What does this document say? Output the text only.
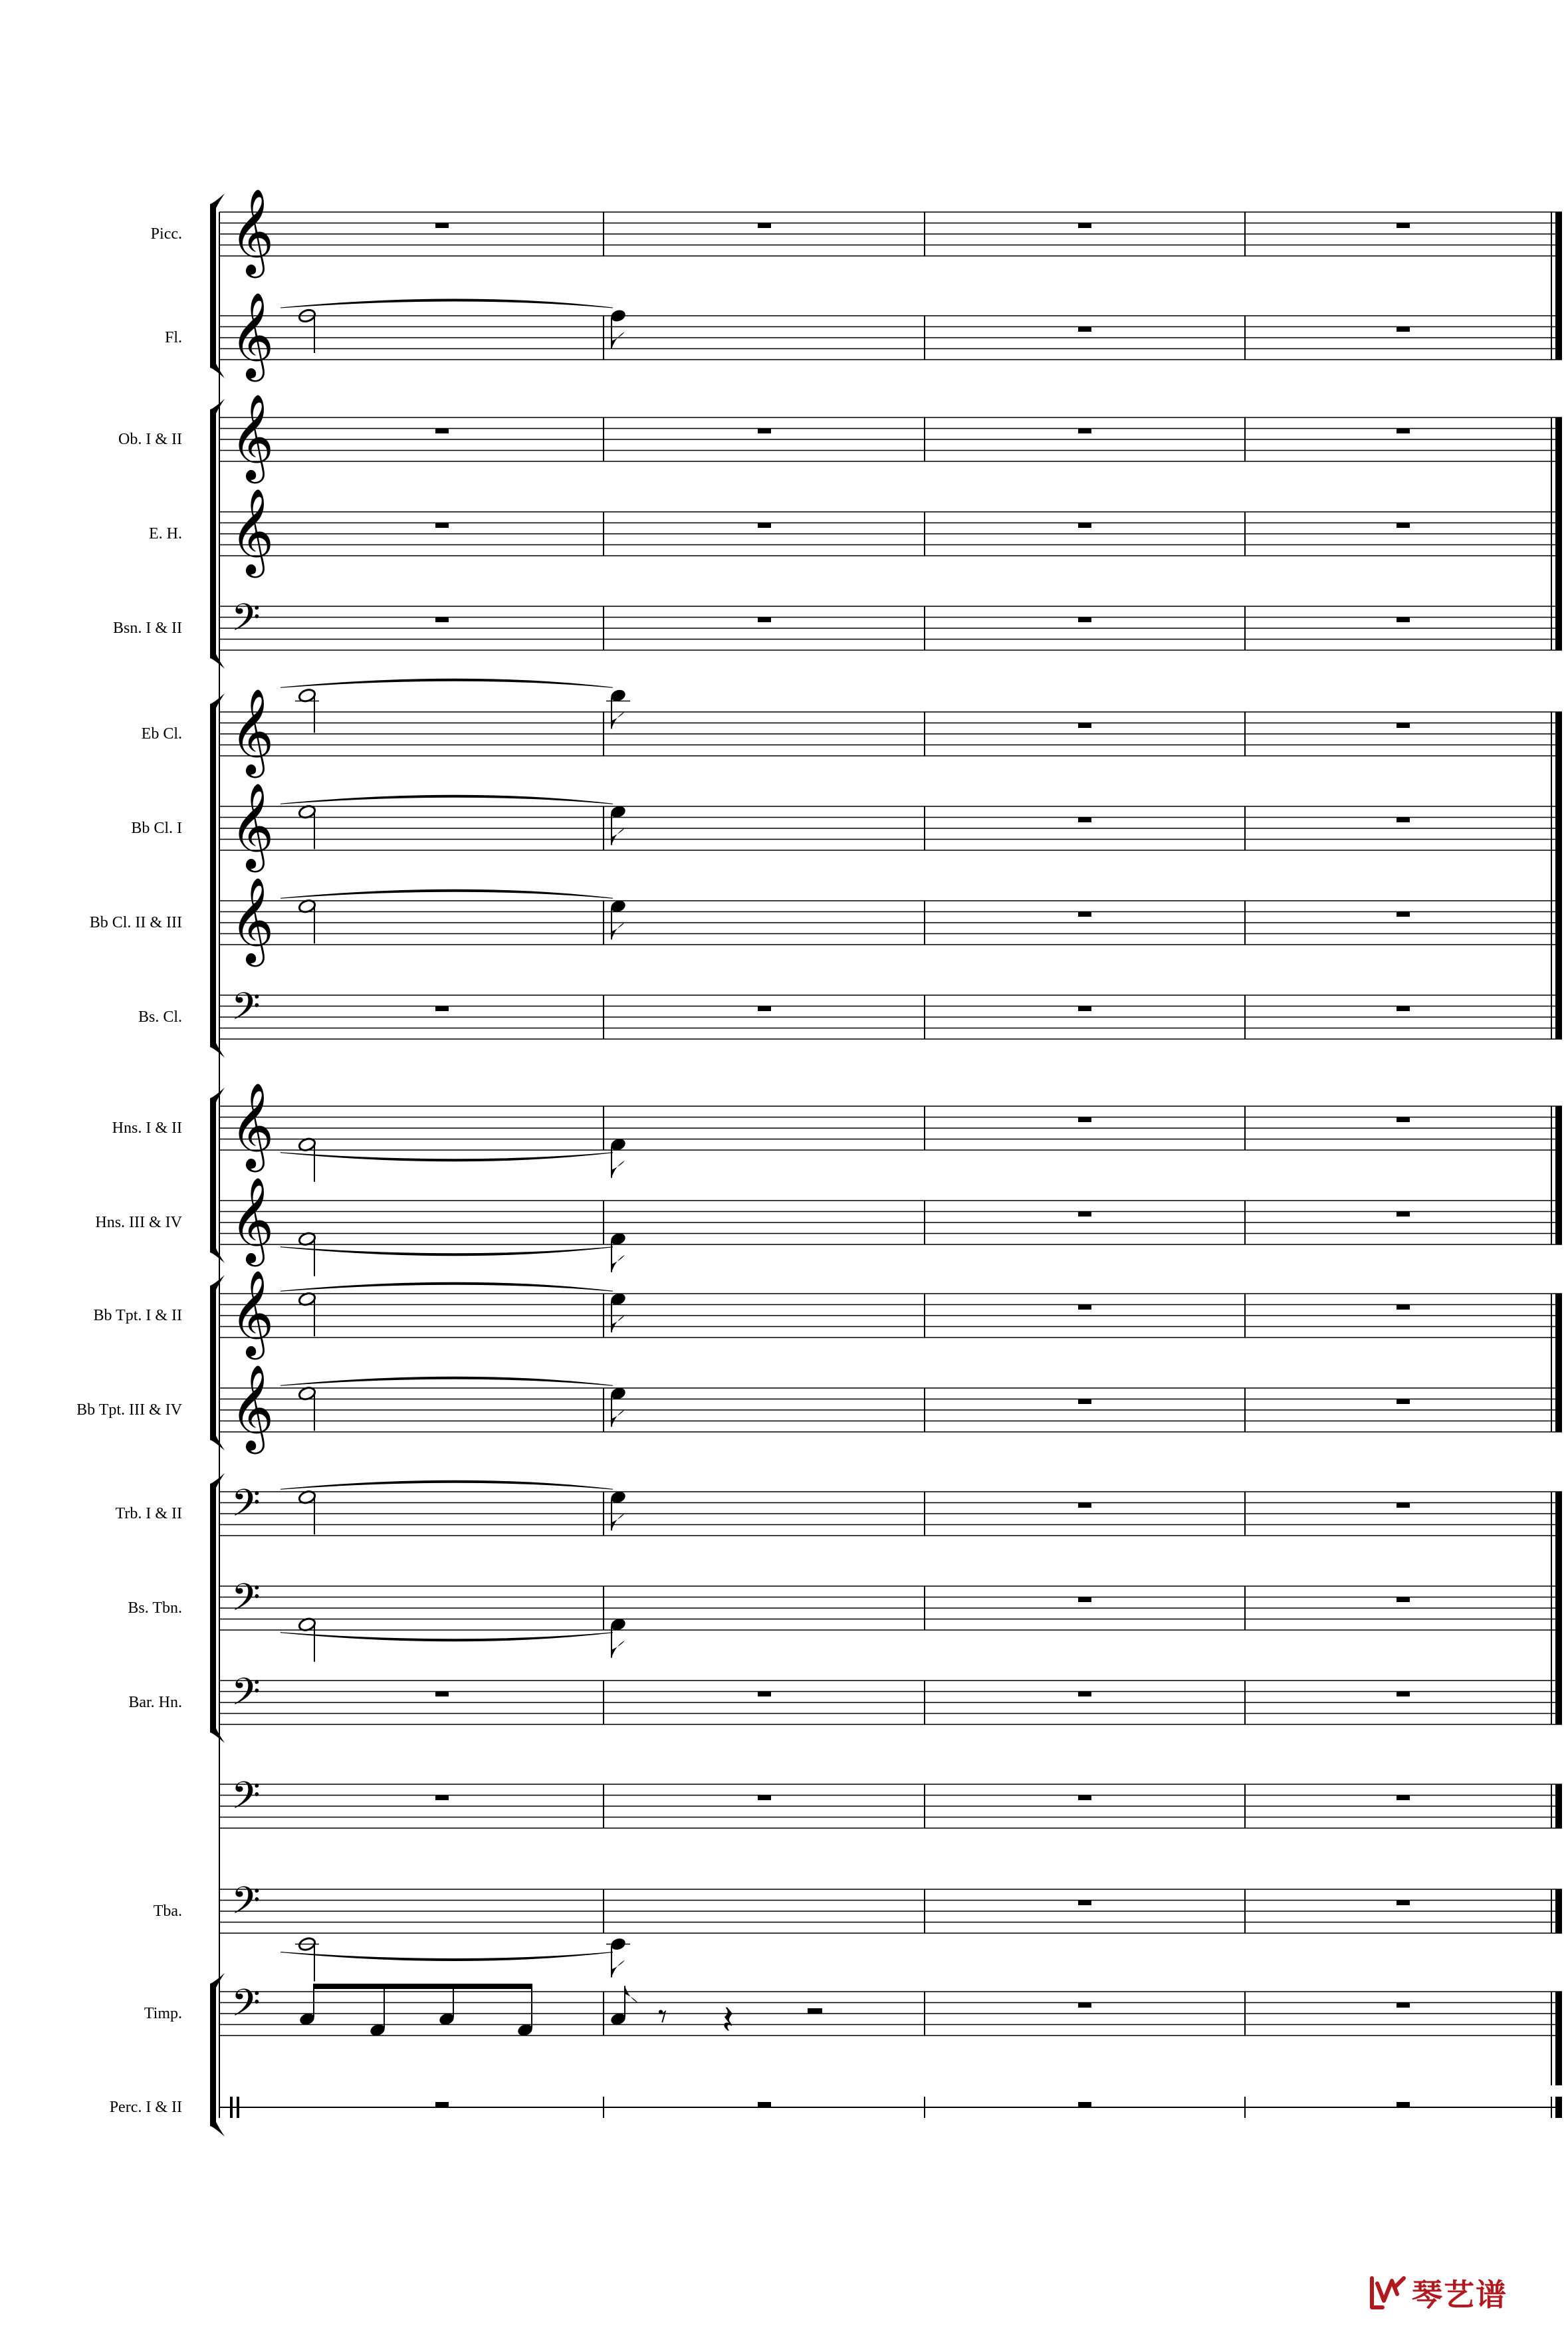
𝄞
𝄞
𝄞
𝄞
𝄢
𝄞
𝄞
𝄞
𝄢
𝄞
𝄞
𝄞
𝄞
𝄢
𝄢
𝄢
𝄢
𝄢
𝄢	𝄾 𝄽
Picc.
Fl.
Ob. I & II
E. H.
Bsn. I & II
Eb Cl.
Bb Cl. I
Bb Cl. II & III
Bs. Cl.
Hns. I & II
Hns. III & IV
Bb Tpt. I & II
Bb Tpt. III & IV
Trb. I & II
Bs. Tbn.
Bar. Hn.
Tba.
Timp.
Perc. I & II
琴艺谱
